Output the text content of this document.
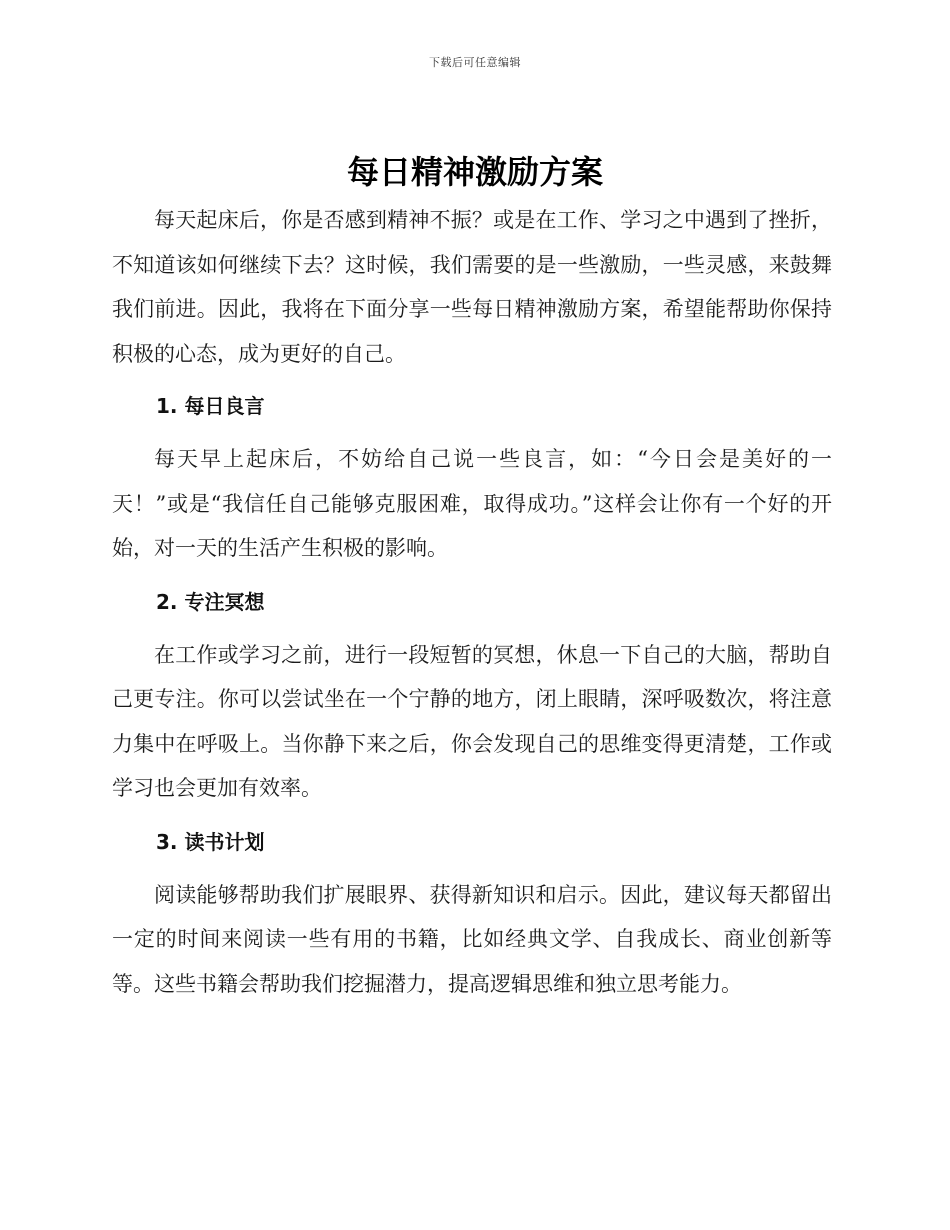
下载后可任意编辑
每日精神激励方案

每天起床后，你是否感到精神不振？或是在工作、学习之中遇到了挫折，不知道该如何继续下去？这时候，我们需要的是一些激励，一些灵感，来鼓舞我们前进。因此，我将在下面分享一些每日精神激励方案，希望能帮助你保持积极的心态，成为更好的自己。

1. 每日良言

每天早上起床后，不妨给自己说一些良言，如：“今日会是美好的一天！”或是“我信任自己能够克服困难，取得成功。”这样会让你有一个好的开始，对一天的生活产生积极的影响。

2. 专注冥想

在工作或学习之前，进行一段短暂的冥想，休息一下自己的大脑，帮助自己更专注。你可以尝试坐在一个宁静的地方，闭上眼睛，深呼吸数次，将注意力集中在呼吸上。当你静下来之后，你会发现自己的思维变得更清楚，工作或学习也会更加有效率。

3. 读书计划

阅读能够帮助我们扩展眼界、获得新知识和启示。因此，建议每天都留出一定的时间来阅读一些有用的书籍，比如经典文学、自我成长、商业创新等等。这些书籍会帮助我们挖掘潜力，提高逻辑思维和独立思考能力。
